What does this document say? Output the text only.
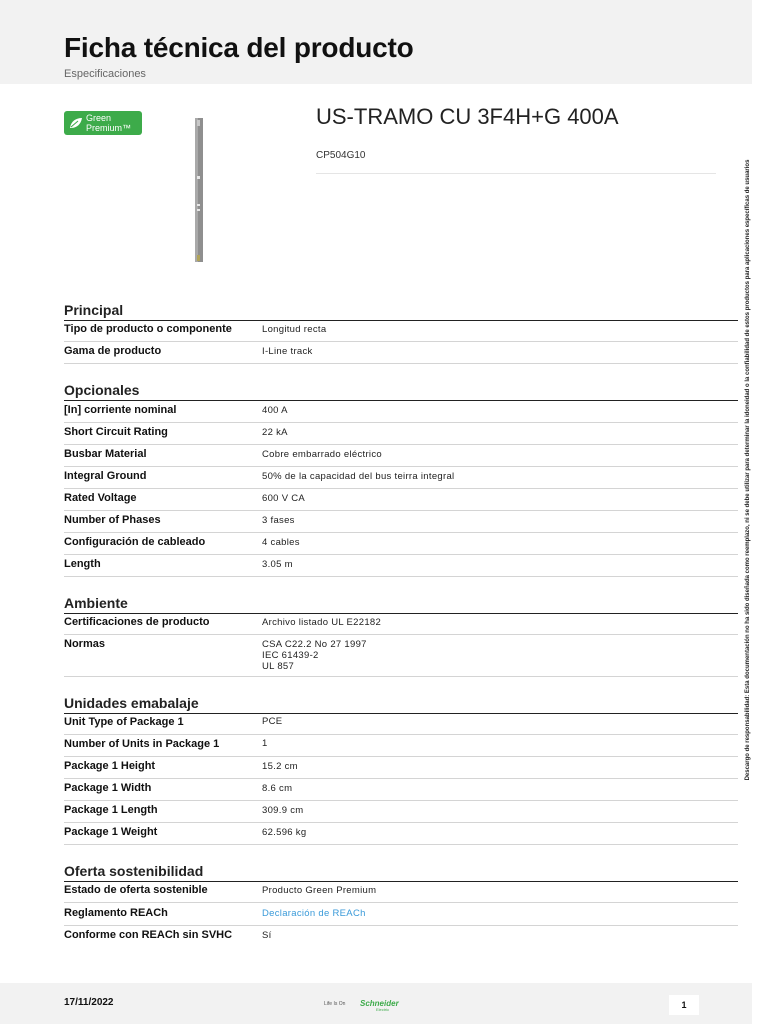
Ficha técnica del producto
Especificaciones
Green
Premium™	US-TRAMO CU 3F4H+G 400A
CP504G10
Descargo de responsabilidad: Esta documentación no ha sido diseñada como reemplazo, ni se debe utilizar para determinar la idoneidad o la confiabilidad de estos productos para aplicaciones específicas de usuarios
Principal
Tipo de producto o componente	Longitud recta
Gama de producto	I-Line track
Opcionales
[In] corriente nominal	400 A
Short Circuit Rating	22 kA
Busbar Material	Cobre embarrado eléctrico
Integral Ground	50% de la capacidad del bus teirra integral
Rated Voltage	600 V CA
Number of Phases	3 fases
Configuración de cableado	4 cables
Length	3.05 m
Ambiente
Certificaciones de producto	Archivo listado UL E22182
Normas	CSA C22.2 No 27 1997
IEC 61439-2
UL 857
Unidades emabalaje
Unit Type of Package 1	PCE
Number of Units in Package 1	1
Package 1 Height	15.2 cm
Package 1 Width	8.6 cm
Package 1 Length	309.9 cm
Package 1 Weight	62.596 kg
Oferta sostenibilidad
Estado de oferta sostenible	Producto Green Premium
Reglamento REACh	Declaración de REACh
Conforme con REACh sin SVHC	Sí
17/11/2022	Life Is On Schneider
Electric	1
